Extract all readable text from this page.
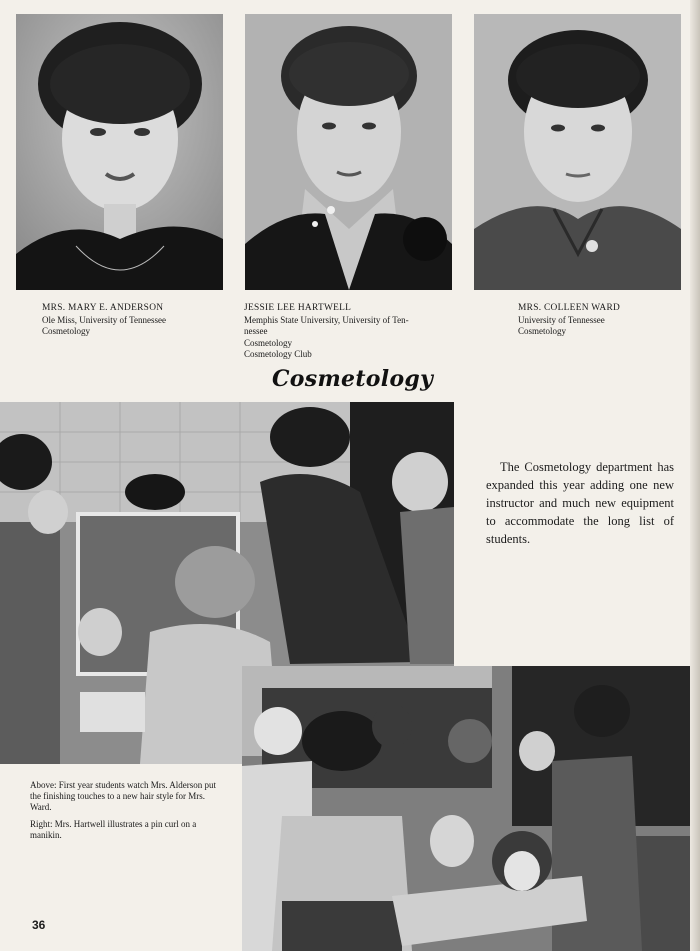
MRS. MARY E. ANDERSON
Ole Miss, University of Tennessee
Cosmetology
JESSIE LEE HARTWELL
Memphis State University, University of Ten-
nessee
Cosmetology
Cosmetology Club
MRS. COLLEEN WARD
University of Tennessee
Cosmetology
Cosmetology
The Cosmetology department has expanded this year adding one new instructor and much new equipment to accommodate the long list of students.

Above: First year students watch Mrs. Alderson put the finishing touches to a new hair style for Mrs. Ward.

Right: Mrs. Hartwell illustrates a pin curl on a manikin.

36
